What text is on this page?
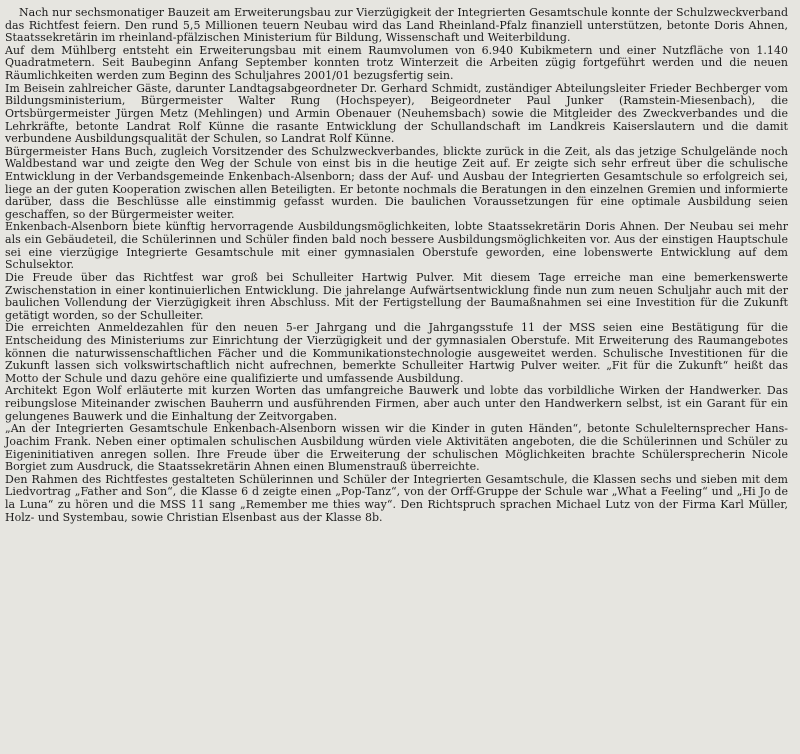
Nach nur sechsmonatiger Bauzeit am Erweiterungsbau zur Vierzügigkeit der Integrierten Gesamtschule konnte der Schulzweckverband das Richtfest feiern. Den rund 5,5 Millionen teuern Neubau wird das Land Rheinland-Pfalz finanziell unterstützen, betonte Doris Ahnen, Staatssekretärin im rheinland-pfälzischen Ministerium für Bildung, Wissenschaft und Weiterbildung.

Auf dem Mühlberg entsteht ein Erweiterungsbau mit einem Raumvolumen von 6.940 Kubikmetern und einer Nutzfläche von 1.140 Quadratmetern. Seit Baubeginn Anfang September konnten trotz Winterzeit die Arbeiten zügig fortgeführt werden und die neuen Räumlichkeiten werden zum Beginn des Schuljahres 2001/01 bezugsfertig sein.

Im Beisein zahlreicher Gäste, darunter Landtagsabgeordneter Dr. Gerhard Schmidt, zuständiger Abteilungsleiter Frieder Bechberger vom Bildungsministerium, Bürgermeister Walter Rung (Hochspeyer), Beigeordneter Paul Junker (Ramstein-Miesenbach), die Ortsbürgermeister Jürgen Metz (Mehlingen) und Armin Obenauer (Neuhemsbach) sowie die Mitgleider des Zweckverbandes und die Lehrkräfte, betonte Landrat Rolf Künne die rasante Entwicklung der Schullandschaft im Landkreis Kaiserslautern und die damit verbundene Ausbildungsqualität der Schulen, so Landrat Rolf Künne.

Bürgermeister Hans Buch, zugleich Vorsitzender des Schulzweckverbandes, blickte zurück in die Zeit, als das jetzige Schulgelände noch Waldbestand war und zeigte den Weg der Schule von einst bis in die heutige Zeit auf. Er zeigte sich sehr erfreut über die schulische Entwicklung in der Verbandsgemeinde Enkenbach-Alsenborn; dass der Auf- und Ausbau der Integrierten Gesamtschule so erfolgreich sei, liege an der guten Kooperation zwischen allen Beteiligten. Er betonte nochmals die Beratungen in den einzelnen Gremien und informierte darüber, dass die Beschlüsse alle einstimmig gefasst wurden. Die baulichen Voraussetzungen für eine optimale Ausbildung seien geschaffen, so der Bürgermeister weiter.

Enkenbach-Alsenborn biete künftig hervorragende Ausbildungsmöglichkeiten, lobte Staatssekretärin Doris Ahnen. Der Neubau sei mehr als ein Gebäudeteil, die Schülerinnen und Schüler finden bald noch bessere Ausbildungsmöglichkeiten vor. Aus der einstigen Hauptschule sei eine vierzügige Integrierte Gesamtschule mit einer gymnasialen Oberstufe geworden, eine lobenswerte Entwicklung auf dem Schulsektor.

Die Freude über das Richtfest war groß bei Schulleiter Hartwig Pulver. Mit diesem Tage erreiche man eine bemerkenswerte Zwischenstation in einer kontinuierlichen Entwicklung. Die jahrelange Aufwärtsentwicklung finde nun zum neuen Schuljahr auch mit der baulichen Vollendung der Vierzügigkeit ihren Abschluss. Mit der Fertigstellung der Baumaßnahmen sei eine Investition für die Zukunft getätigt worden, so der Schulleiter.

Die erreichten Anmeldezahlen für den neuen 5-er Jahrgang und die Jahrgangsstufe 11 der MSS seien eine Bestätigung für die Entscheidung des Ministeriums zur Einrichtung der Vierzügigkeit und der gymnasialen Oberstufe. Mit Erweiterung des Raumangebotes können die naturwissenschaftlichen Fächer und die Kommunikationstechnologie ausgeweitet werden. Schulische Investitionen für die Zukunft lassen sich volkswirtschaftlich nicht aufrechnen, bemerkte Schulleiter Hartwig Pulver weiter. „Fit für die Zukunft“ heißt das Motto der Schule und dazu gehöre eine qualifizierte und umfassende Ausbildung.

Architekt Egon Wolf erläuterte mit kurzen Worten das umfangreiche Bauwerk und lobte das vorbildliche Wirken der Handwerker. Das reibungslose Miteinander zwischen Bauherrn und ausführenden Firmen, aber auch unter den Handwerkern selbst, ist ein Garant für ein gelungenes Bauwerk und die Einhaltung der Zeitvorgaben.

„An der Integrierten Gesamtschule Enkenbach-Alsenborn wissen wir die Kinder in guten Händen“, betonte Schulelternsprecher Hans-Joachim Frank. Neben einer optimalen schulischen Ausbildung würden viele Aktivitäten angeboten, die die Schülerinnen und Schüler zu Eigeninitiativen anregen sollen. Ihre Freude über die Erweiterung der schulischen Möglichkeiten brachte Schülersprecherin Nicole Borgiet zum Ausdruck, die Staatssekretärin Ahnen einen Blumenstrauß überreichte.

Den Rahmen des Richtfestes gestalteten Schülerinnen und Schüler der Integrierten Gesamtschule, die Klassen sechs und sieben mit dem Liedvortrag „Father and Son“, die Klasse 6 d zeigte einen „Pop-Tanz“, von der Orff-Gruppe der Schule war „What a Feeling“ und „Hi Jo de la Luna“ zu hören und die MSS 11 sang „Remember me thies way“. Den Richtspruch sprachen Michael Lutz von der Firma Karl Müller, Holz- und Systembau, sowie Christian Elsenbast aus der Klasse 8b.
